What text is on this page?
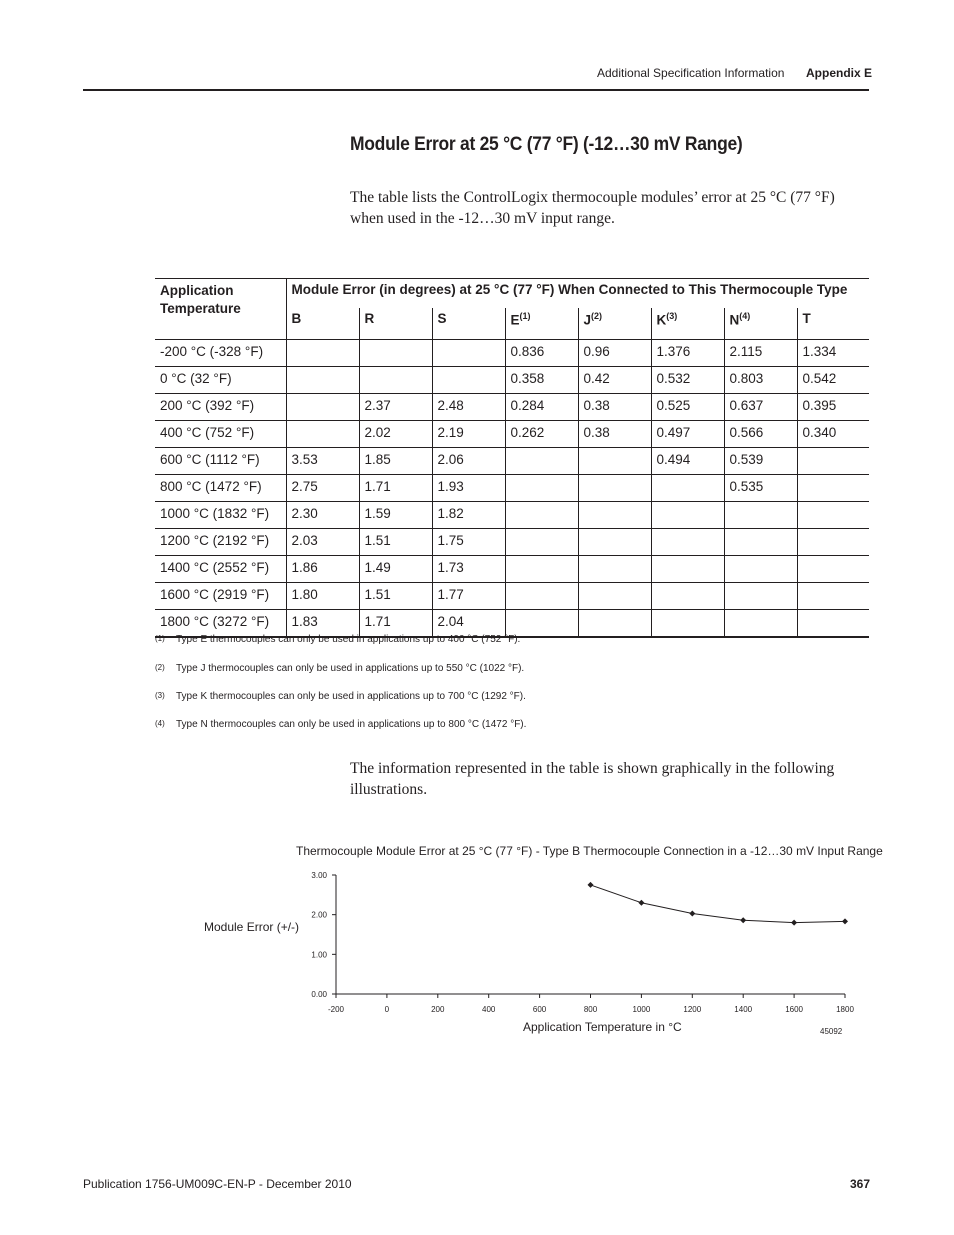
Additional Specification Information Appendix E
Module Error at 25 °C (77 °F) (-12…30 mV Range)
The table lists the ControlLogix thermocouple modules’ error at 25 °C (77 °F) when used in the -12…30 mV input range.
Application Temperature	Module Error (in degrees) at 25 °C (77 °F) When Connected to This Thermocouple Type							
	B	R	S	$E^{(1)}$	$J^{(2)}$	$K^{(3)}$	$N^{(4)}$	T
-200 °C (-328 °F)				0.836	0.96	1.376	2.115	1.334
0 °C (32 °F)				0.358	0.42	0.532	0.803	0.542
200 °C (392 °F)		2.37	2.48	0.284	0.38	0.525	0.637	0.395
400 °C (752 °F)		2.02	2.19	0.262	0.38	0.497	0.566	0.340
600 °C (1112 °F)	3.53	1.85	2.06			0.494	0.539	
800 °C (1472 °F)	2.75	1.71	1.93				0.535	
1000 °C (1832 °F)	2.30	1.59	1.82					
1200 °C (2192 °F)	2.03	1.51	1.75					
1400 °C (2552 °F)	1.86	1.49	1.73					
1600 °C (2919 °F)	1.80	1.51	1.77					
1800 °C (3272 °F)	1.83	1.71	2.04					
(1) Type E thermocouples can only be used in applications up to 400 °C (752 °F).
(2) Type J thermocouples can only be used in applications up to 550 °C (1022 °F).
(3) Type K thermocouples can only be used in applications up to 700 °C (1292 °F).
(4) Type N thermocouples can only be used in applications up to 800 °C (1472 °F).
The information represented in the table is shown graphically in the following illustrations.
Thermocouple Module Error at 25 °C (77 °F) - Type B Thermocouple Connection in a -12…30 mV Input Range
Module Error (+/-)
Application Temperature in °C	45092
0.00
1.00
2.00
3.00
-200	0	200	400	600	800	1000	1200	1400	1600	1800
Publication 1756-UM009C-EN-P - December 2010	367
